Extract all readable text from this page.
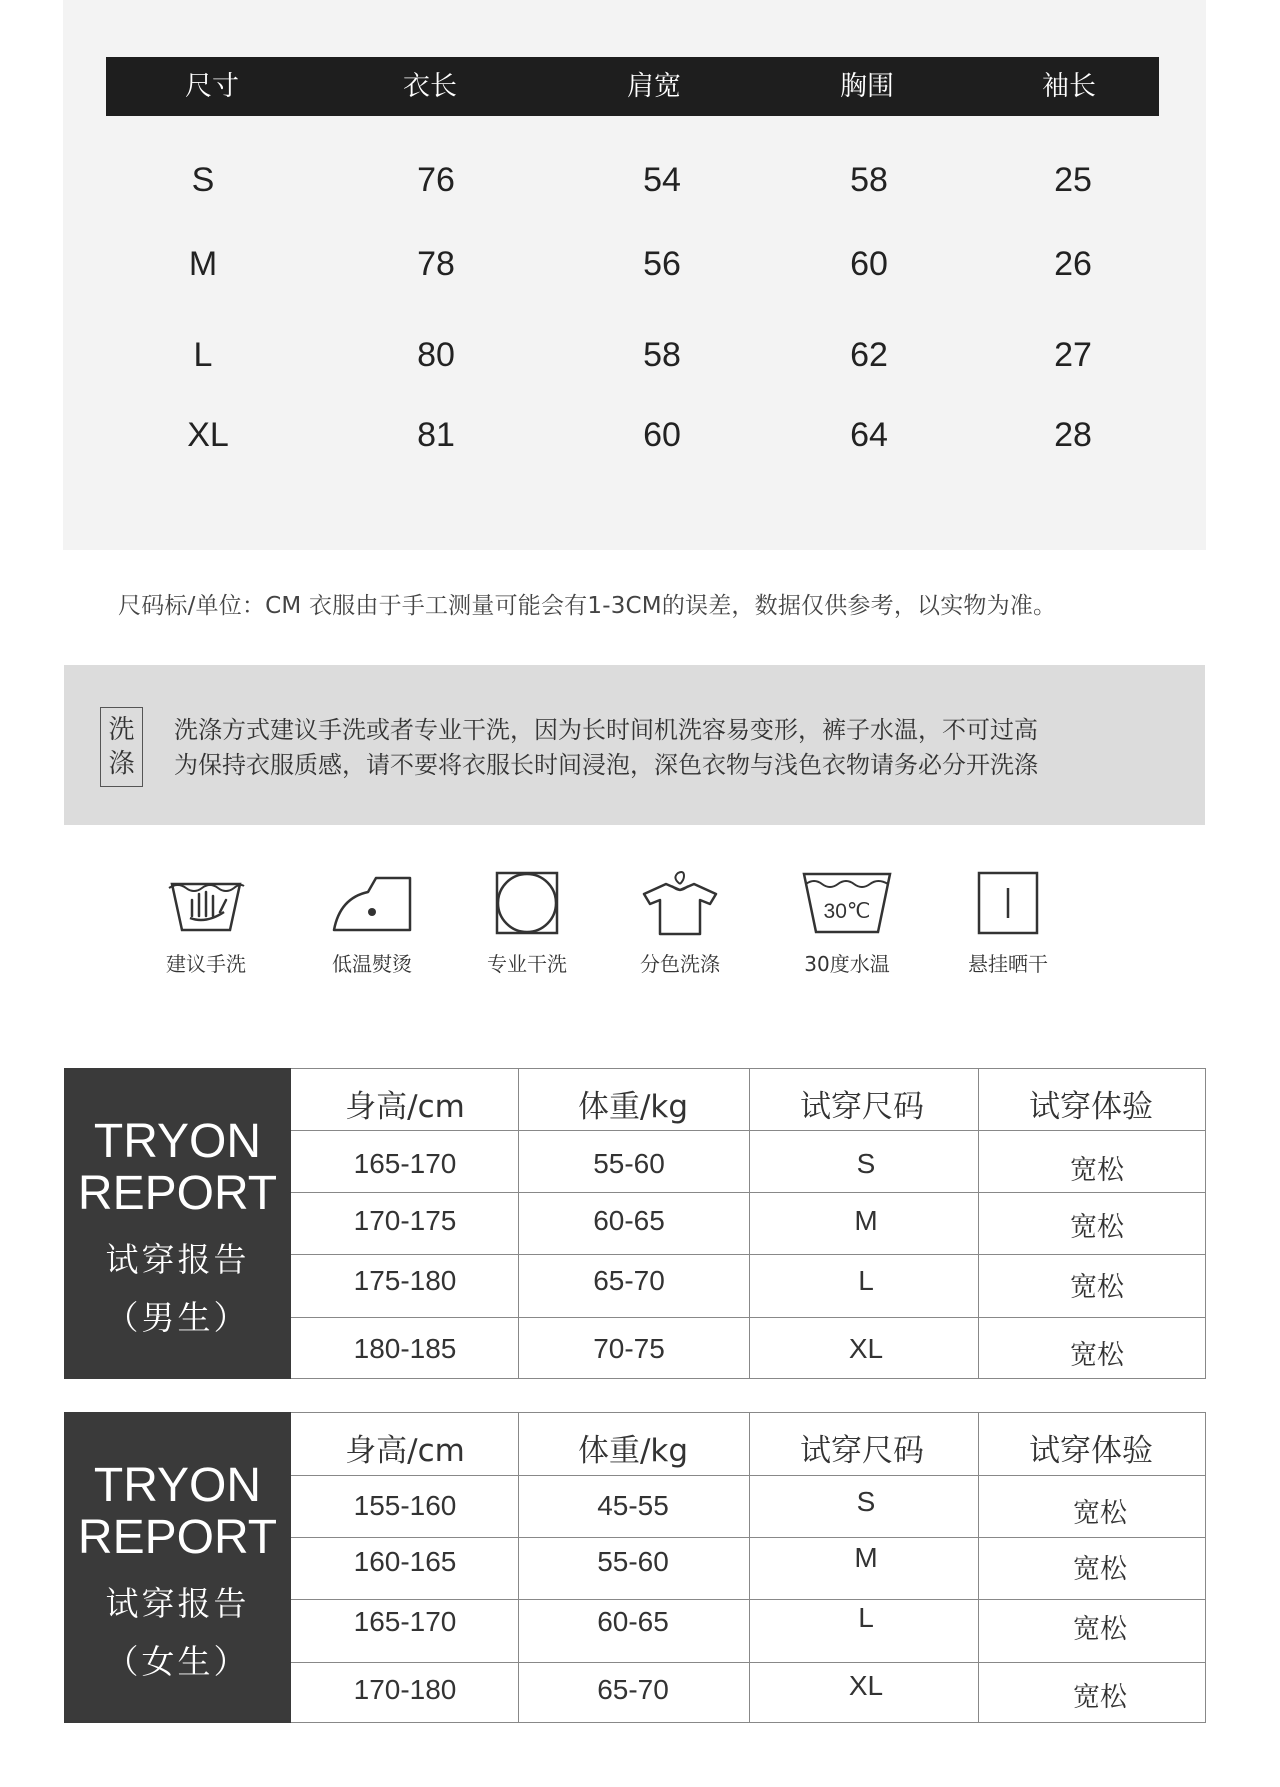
尺寸	衣长	肩宽	胸围	袖长
S	76	54	58	25
M	78	56	60	26
L	80	58	62	27
XL	81	60	64	28
尺码标/单位：CM 衣服由于手工测量可能会有1-3CM的误差，数据仅供参考，以实物为准。
洗
涤
洗涤方式建议手洗或者专业干洗，因为长时间机洗容易变形，裤子水温，不可过高
为保持衣服质感，请不要将衣服长时间浸泡，深色衣物与浅色衣物请务必分开洗涤
建议手洗	低温熨烫	专业干洗	分色洗涤
30℃
30度水温	悬挂晒干
TRYON
REPORT
试穿报告
（男生）
身高/cm	体重/kg	试穿尺码	试穿体验
165-170	55-60	S	宽松
170-175	60-65	M	宽松
175-180	65-70	L	宽松
180-185	70-75	XL	宽松
TRYON
REPORT
试穿报告
（女生）
身高/cm	体重/kg	试穿尺码	试穿体验
155-160	45-55	S	宽松
160-165	55-60	M	宽松
165-170	60-65	L	宽松
170-180	65-70	XL	宽松
